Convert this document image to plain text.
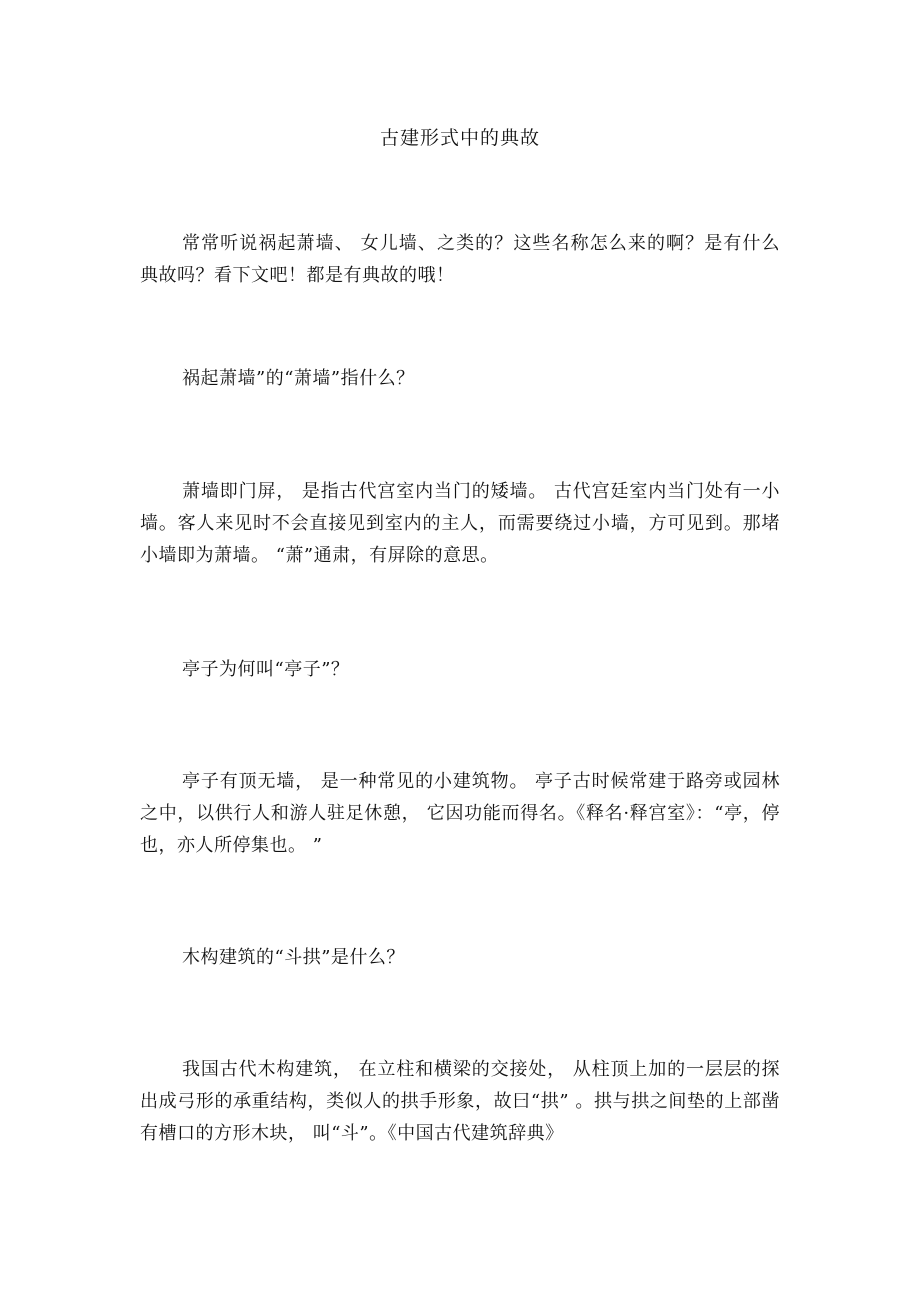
古建形式中的典故

常常听说祸起萧墙、 女儿墙、之类的？这些名称怎么来的啊？是有什么典故吗？看下文吧！都是有典故的哦！

祸起萧墙”的“萧墙”指什么？

萧墙即门屏， 是指古代宫室内当门的矮墙。 古代宫廷室内当门处有一小墙。客人来见时不会直接见到室内的主人，而需要绕过小墙，方可见到。那堵小墙即为萧墙。 “萧”通肃，有屏除的意思。

亭子为何叫“亭子”？

亭子有顶无墙， 是一种常见的小建筑物。 亭子古时候常建于路旁或园林之中，以供行人和游人驻足休憩， 它因功能而得名。《释名·释宫室》：“亭，停也，亦人所停集也。 ”

木构建筑的“斗拱”是什么？

我国古代木构建筑， 在立柱和横梁的交接处， 从柱顶上加的一层层的探出成弓形的承重结构，类似人的拱手形象，故曰“拱” 。拱与拱之间垫的上部凿有槽口的方形木块， 叫“斗”。《中国古代建筑辞典》
